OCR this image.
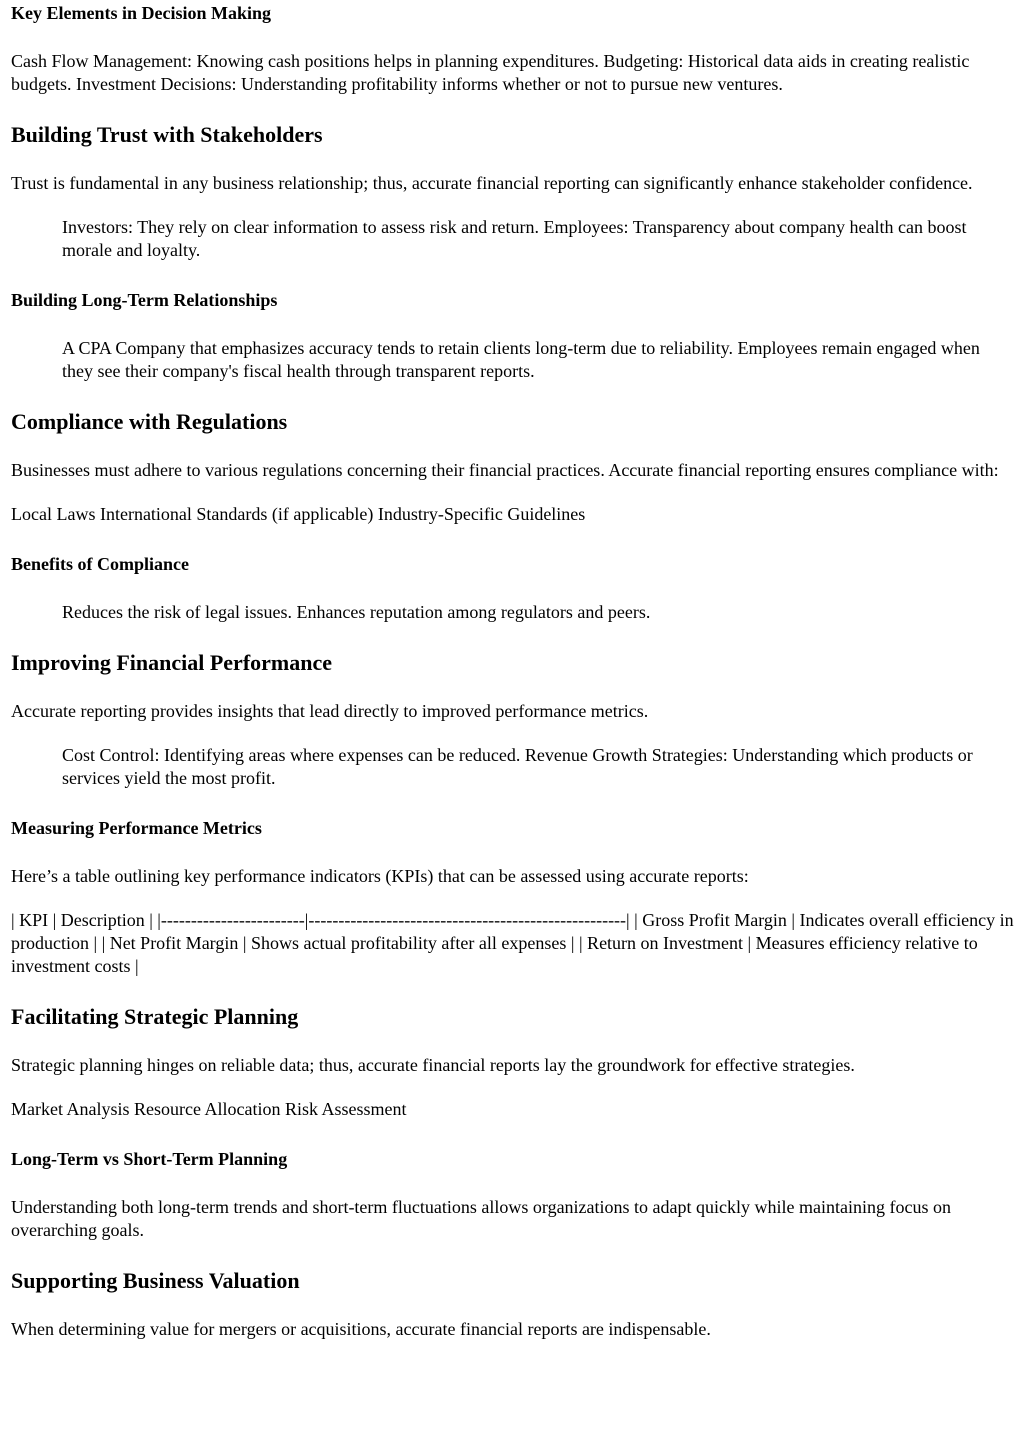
Key Elements in Decision Making

Cash Flow Management: Knowing cash positions helps in planning expenditures. Budgeting: Historical data aids in creating realistic budgets. Investment Decisions: Understanding profitability informs whether or not to pursue new ventures.

Building Trust with Stakeholders

Trust is fundamental in any business relationship; thus, accurate financial reporting can significantly enhance stakeholder confidence.

Investors: They rely on clear information to assess risk and return. Employees: Transparency about company health can boost morale and loyalty.
Building Long-Term Relationships
A CPA Company that emphasizes accuracy tends to retain clients long-term due to reliability. Employees remain engaged when they see their company's fiscal health through transparent reports.
Compliance with Regulations

Businesses must adhere to various regulations concerning their financial practices. Accurate financial reporting ensures compliance with:

Local Laws International Standards (if applicable) Industry-Specific Guidelines

Benefits of Compliance
Reduces the risk of legal issues. Enhances reputation among regulators and peers.
Improving Financial Performance

Accurate reporting provides insights that lead directly to improved performance metrics.

Cost Control: Identifying areas where expenses can be reduced. Revenue Growth Strategies: Understanding which products or services yield the most profit.
Measuring Performance Metrics

Here’s a table outlining key performance indicators (KPIs) that can be assessed using accurate reports:

| KPI | Description | |------------------------|-----------------------------------------------------| | Gross Profit Margin | Indicates overall efficiency in production | | Net Profit Margin | Shows actual profitability after all expenses | | Return on Investment | Measures efficiency relative to investment costs |

Facilitating Strategic Planning

Strategic planning hinges on reliable data; thus, accurate financial reports lay the groundwork for effective strategies.

Market Analysis Resource Allocation Risk Assessment

Long-Term vs Short-Term Planning

Understanding both long-term trends and short-term fluctuations allows organizations to adapt quickly while maintaining focus on overarching goals.

Supporting Business Valuation

When determining value for mergers or acquisitions, accurate financial reports are indispensable.
